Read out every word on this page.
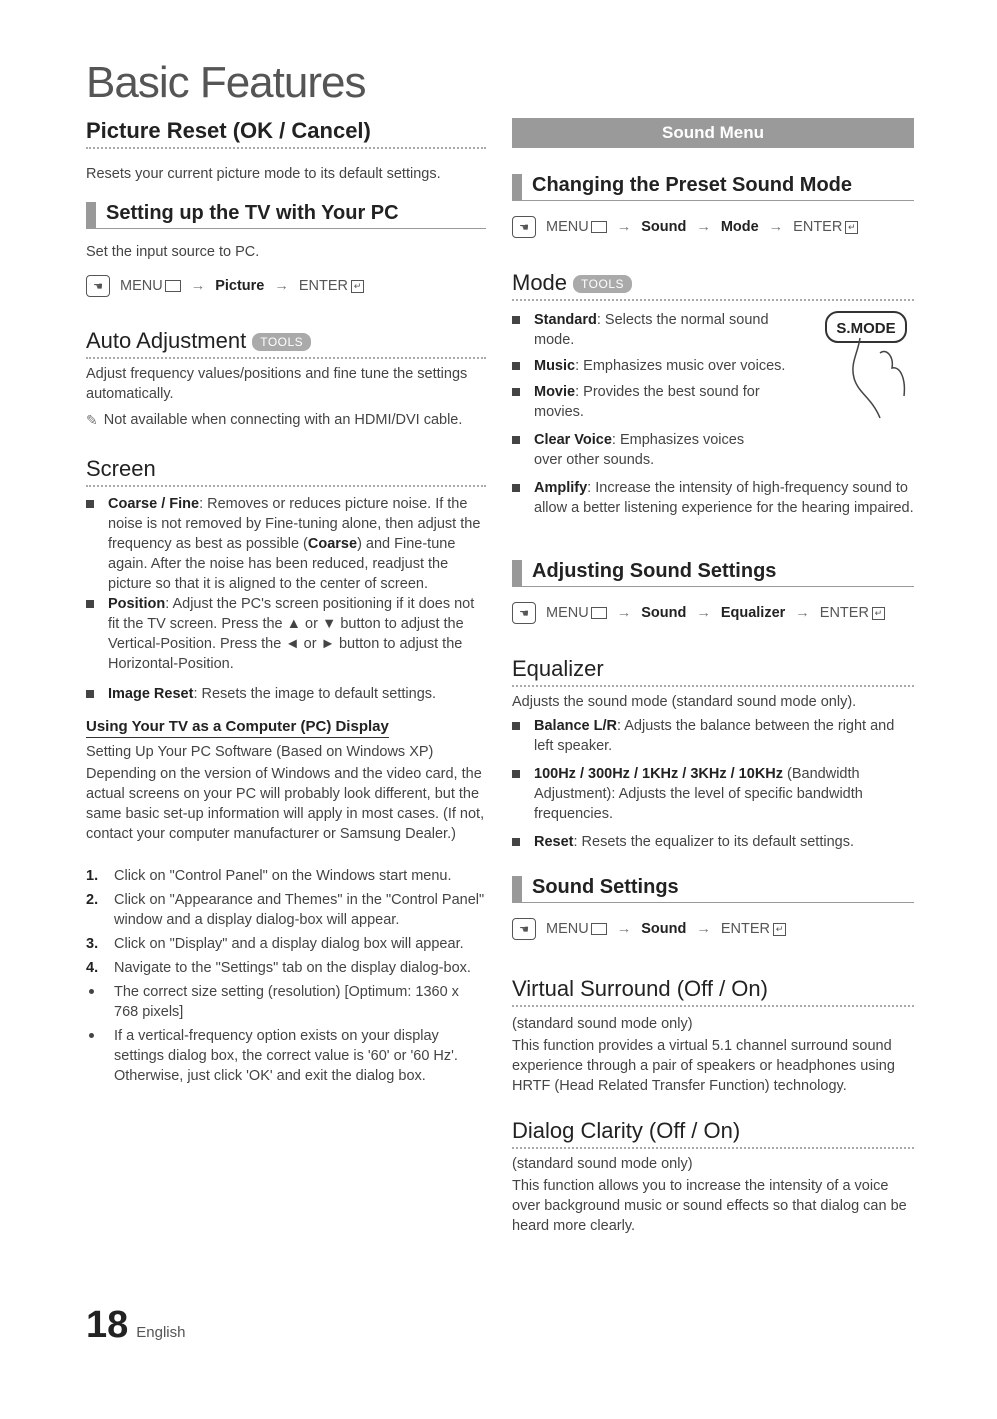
Basic Features
Picture Reset (OK / Cancel)

Resets your current picture mode to its default settings.

Setting up the TV with Your PC

Set the input source to PC.

☚	MENU	→ Picture → ENTER ↵
Auto Adjustment TOOLS

Adjust frequency values/positions and fine tune the settings automatically.

✎ Not available when connecting with an HDMI/DVI cable.
Screen
Coarse / Fine: Removes or reduces picture noise. If the noise is not removed by Fine-tuning alone, then adjust the frequency as best as possible (Coarse) and Fine-tune again. After the noise has been reduced, readjust the picture so that it is aligned to the center of screen.
Position: Adjust the PC's screen positioning if it does not fit the TV screen. Press the ▲ or ▼ button to adjust the Vertical-Position. Press the ◄ or ► button to adjust the Horizontal-Position.
Image Reset: Resets the image to default settings.
Using Your TV as a Computer (PC) Display

Setting Up Your PC Software (Based on Windows XP)

Depending on the version of Windows and the video card, the actual screens on your PC will probably look different, but the same basic set-up information will apply in most cases. (If not, contact your computer manufacturer or Samsung Dealer.)

1. Click on "Control Panel" on the Windows start menu.
2. Click on "Appearance and Themes" in the "Control Panel" window and a display dialog-box will appear.
3. Click on "Display" and a display dialog box will appear.
4. Navigate to the "Settings" tab on the display dialog-box.
The correct size setting (resolution) [Optimum: 1360 x 768 pixels]
If a vertical-frequency option exists on your display settings dialog box, the correct value is '60' or '60 Hz'. Otherwise, just click 'OK' and exit the dialog box.
Sound Menu
Changing the Preset Sound Mode
☚	MENU	→ Sound → Mode → ENTER ↵
Mode TOOLS
Standard: Selects the normal sound mode.
Music: Emphasizes music over voices.
Movie: Provides the best sound for movies.
Clear Voice: Emphasizes voices over other sounds.
Amplify: Increase the intensity of high-frequency sound to allow a better listening experience for the hearing impaired.
Adjusting Sound Settings
☚	MENU	→ Sound → Equalizer → ENTER ↵
Equalizer

Adjusts the sound mode (standard sound mode only).

Balance L/R: Adjusts the balance between the right and left speaker.
100Hz / 300Hz / 1KHz / 3KHz / 10KHz (Bandwidth Adjustment): Adjusts the level of specific bandwidth frequencies.
Reset: Resets the equalizer to its default settings.
Sound Settings
☚	MENU	→ Sound → ENTER ↵
Virtual Surround (Off / On)

(standard sound mode only)

This function provides a virtual 5.1 channel surround sound experience through a pair of speakers or headphones using HRTF (Head Related Transfer Function) technology.

Dialog Clarity (Off / On)

(standard sound mode only)

This function allows you to increase the intensity of a voice over background music or sound effects so that dialog can be heard more clearly.

S.MODE
18 English
